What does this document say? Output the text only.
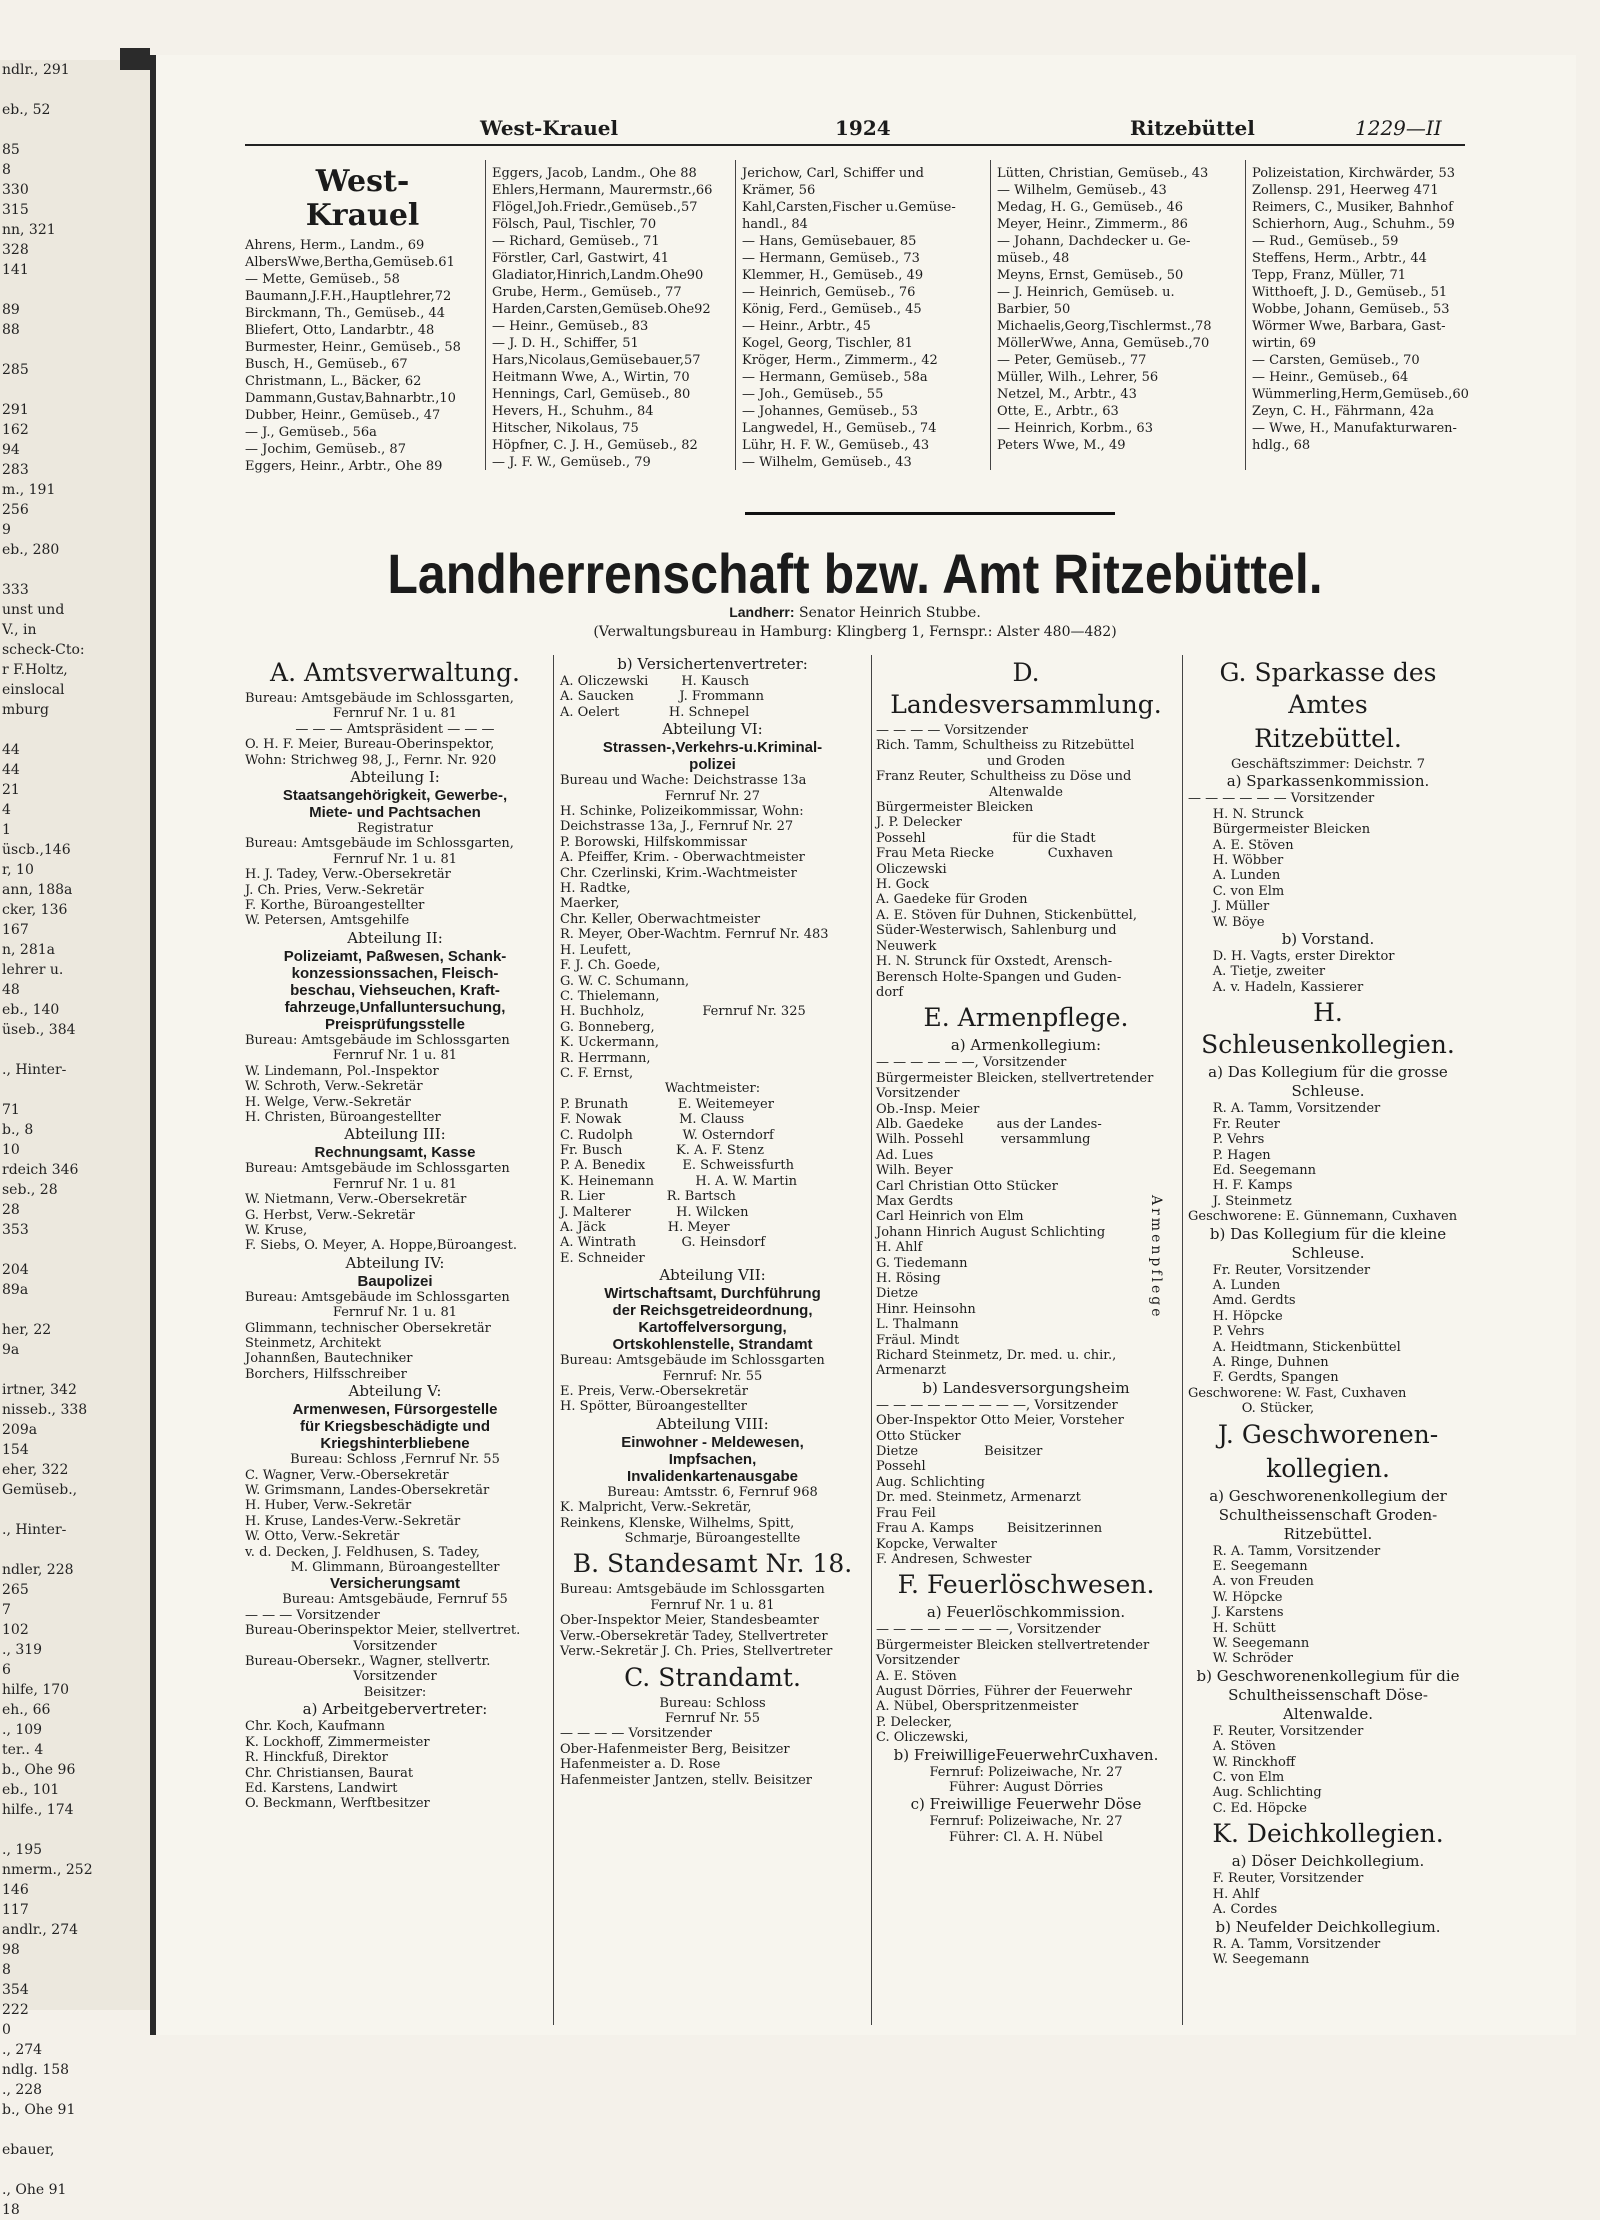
ndlr., 291

eb., 52

85
8
330
315
nn, 321
328
141

89
88

285

291
162
94
283
m., 191
256
9
eb., 280

333
unst und
V., in
scheck-Cto:
r F.Holtz,
einslocal
mburg

44
44
21
4
1
üscb.,146
r, 10
ann, 188a
cker, 136
167
n, 281a
lehrer u.
48
eb., 140
üseb., 384

., Hinter-

71
b., 8
10
rdeich 346
seb., 28
28
353

204
89a

her, 22
9a

irtner, 342
nisseb., 338
209a
154
eher, 322
Gemüseb.,

., Hinter-

ndler, 228
265
7
102
., 319
6
hilfe, 170
eh., 66
., 109
ter.. 4
b., Ohe 96
eb., 101
hilfe., 174

., 195
nmerm., 252
146
117
andlr., 274
98
8
354
222
0
., 274
ndlg. 158
., 228
b., Ohe 91

ebauer,

., Ohe 91
18
West-Krauel	1924	Ritzebüttel	1229—II
West-
Krauel
Ahrens, Herm., Landm., 69
AlbersWwe,Bertha,Gemüseb.61
— Mette, Gemüseb., 58
Baumann,J.F.H.,Hauptlehrer,72
Birckmann, Th., Gemüseb., 44
Bliefert, Otto, Landarbtr., 48
Burmester, Heinr., Gemüseb., 58
Busch, H., Gemüseb., 67
Christmann, L., Bäcker, 62
Dammann,Gustav,Bahnarbtr.,10
Dubber, Heinr., Gemüseb., 47
— J., Gemüseb., 56a
— Jochim, Gemüseb., 87
Eggers, Heinr., Arbtr., Ohe 89
Eggers, Jacob, Landm., Ohe 88
Ehlers,Hermann, Maurermstr.,66
Flögel,Joh.Friedr.,Gemüseb.,57
Fölsch, Paul, Tischler, 70
— Richard, Gemüseb., 71
Förstler, Carl, Gastwirt, 41
Gladiator,Hinrich,Landm.Ohe90
Grube, Herm., Gemüseb., 77
Harden,Carsten,Gemüseb.Ohe92
— Heinr., Gemüseb., 83
— J. D. H., Schiffer, 51
Hars,Nicolaus,Gemüsebauer,57
Heitmann Wwe, A., Wirtin, 70
Hennings, Carl, Gemüseb., 80
Hevers, H., Schuhm., 84
Hitscher, Nikolaus, 75
Höpfner, C. J. H., Gemüseb., 82
— J. F. W., Gemüseb., 79
Jerichow, Carl, Schiffer und
Krämer, 56
Kahl,Carsten,Fischer u.Gemüse-
handl., 84
— Hans, Gemüsebauer, 85
— Hermann, Gemüseb., 73
Klemmer, H., Gemüseb., 49
— Heinrich, Gemüseb., 76
König, Ferd., Gemüseb., 45
— Heinr., Arbtr., 45
Kogel, Georg, Tischler, 81
Kröger, Herm., Zimmerm., 42
— Hermann, Gemüseb., 58a
— Joh., Gemüseb., 55
— Johannes, Gemüseb., 53
Langwedel, H., Gemüseb., 74
Lühr, H. F. W., Gemüseb., 43
— Wilhelm, Gemüseb., 43
Lütten, Christian, Gemüseb., 43
— Wilhelm, Gemüseb., 43
Medag, H. G., Gemüseb., 46
Meyer, Heinr., Zimmerm., 86
— Johann, Dachdecker u. Ge-
müseb., 48
Meyns, Ernst, Gemüseb., 50
— J. Heinrich, Gemüseb. u.
Barbier, 50
Michaelis,Georg,Tischlermst.,78
MöllerWwe, Anna, Gemüseb.,70
— Peter, Gemüseb., 77
Müller, Wilh., Lehrer, 56
Netzel, M., Arbtr., 43
Otte, E., Arbtr., 63
— Heinrich, Korbm., 63
Peters Wwe, M., 49
Polizeistation, Kirchwärder, 53
Zollensp. 291, Heerweg 471
Reimers, C., Musiker, Bahnhof
Schierhorn, Aug., Schuhm., 59
— Rud., Gemüseb., 59
Steffens, Herm., Arbtr., 44
Tepp, Franz, Müller, 71
Witthoeft, J. D., Gemüseb., 51
Wobbe, Johann, Gemüseb., 53
Wörmer Wwe, Barbara, Gast-
wirtin, 69
— Carsten, Gemüseb., 70
— Heinr., Gemüseb., 64
Wümmerling,Herm,Gemüseb.,60
Zeyn, C. H., Fährmann, 42a
— Wwe, H., Manufakturwaren-
hdlg., 68
Landherrenschaft bzw. Amt Ritzebüttel.
Landherr: Senator Heinrich Stubbe.
(Verwaltungsbureau in Hamburg: Klingberg 1, Fernspr.: Alster 480—482)
A. Amtsverwaltung.
Bureau: Amtsgebäude im Schlossgarten,
Fernruf Nr. 1 u. 81
— — — Amtspräsident — — —
O. H. F. Meier, Bureau-Oberinspektor,
Wohn: Strichweg 98, J., Fernr. Nr. 920
Abteilung I:
Staatsangehörigkeit, Gewerbe-,
Miete- und Pachtsachen
Registratur
Bureau: Amtsgebäude im Schlossgarten,
Fernruf Nr. 1 u. 81
H. J. Tadey, Verw.-Obersekretär
J. Ch. Pries, Verw.-Sekretär
F. Korthe, Büroangestellter
W. Petersen, Amtsgehilfe
Abteilung II:
Polizeiamt, Paßwesen, Schank-
konzessionssachen, Fleisch-
beschau, Viehseuchen, Kraft-
fahrzeuge,Unfalluntersuchung,
Preisprüfungsstelle
Bureau: Amtsgebäude im Schlossgarten
Fernruf Nr. 1 u. 81
W. Lindemann, Pol.-Inspektor
W. Schroth, Verw.-Sekretär
H. Welge, Verw.-Sekretär
H. Christen, Büroangestellter
Abteilung III:
Rechnungsamt, Kasse
Bureau: Amtsgebäude im Schlossgarten
Fernruf Nr. 1 u. 81
W. Nietmann, Verw.-Obersekretär
G. Herbst, Verw.-Sekretär
W. Kruse,
F. Siebs, O. Meyer, A. Hoppe,Büroangest.
Abteilung IV:
Baupolizei
Bureau: Amtsgebäude im Schlossgarten
Fernruf Nr. 1 u. 81
Glimmann, technischer Obersekretär
Steinmetz, Architekt
Johannßen, Bautechniker
Borchers, Hilfsschreiber
Abteilung V:
Armenwesen, Fürsorgestelle
für Kriegsbeschädigte und
Kriegshinterbliebene
Bureau: Schloss ,Fernruf Nr. 55
C. Wagner, Verw.-Obersekretär
W. Grimsmann, Landes-Obersekretär
H. Huber, Verw.-Sekretär
H. Kruse, Landes-Verw.-Sekretär
W. Otto, Verw.-Sekretär
v. d. Decken, J. Feldhusen, S. Tadey,
M. Glimmann, Büroangestellter
Versicherungsamt
Bureau: Amtsgebäude, Fernruf 55
— — — Vorsitzender
Bureau-Oberinspektor Meier, stellvertret.
Vorsitzender
Bureau-Obersekr., Wagner, stellvertr.
Vorsitzender
Beisitzer:
a) Arbeitgebervertreter:
Chr. Koch, Kaufmann
K. Lockhoff, Zimmermeister
R. Hinckfuß, Direktor
Chr. Christiansen, Baurat
Ed. Karstens, Landwirt
O. Beckmann, Werftbesitzer
b) Versichertenvertreter:
A. Oliczewski        H. Kausch
A. Saucken           J. Frommann
A. Oelert            H. Schnepel
Abteilung VI:
Strassen-,Verkehrs-u.Kriminal-
polizei
Bureau und Wache: Deichstrasse 13a
Fernruf Nr. 27
H. Schinke, Polizeikommissar, Wohn:
Deichstrasse 13a, J., Fernruf Nr. 27
P. Borowski, Hilfskommissar
A. Pfeiffer, Krim. - Oberwachtmeister
Chr. Czerlinski, Krim.-Wachtmeister
H. Radtke,
Maerker,
Chr. Keller, Oberwachtmeister
R. Meyer, Ober-Wachtm. Fernruf Nr. 483
H. Leufett,
F. J. Ch. Goede,
G. W. C. Schumann,
C. Thielemann,
H. Buchholz,              Fernruf Nr. 325
G. Bonneberg,
K. Uckermann,
R. Herrmann,
C. F. Ernst,
Wachtmeister:
P. Brunath            E. Weitemeyer
F. Nowak              M. Clauss
C. Rudolph            W. Osterndorf
Fr. Busch             K. A. F. Stenz
P. A. Benedix         E. Schweissfurth
K. Heinemann          H. A. W. Martin
R. Lier               R. Bartsch
J. Malterer           H. Wilcken
A. Jäck               H. Meyer
A. Wintrath           G. Heinsdorf
E. Schneider
Abteilung VII:
Wirtschaftsamt, Durchführung
der Reichsgetreideordnung,
Kartoffelversorgung,
Ortskohlenstelle, Strandamt
Bureau: Amtsgebäude im Schlossgarten
Fernruf: Nr. 55
E. Preis, Verw.-Obersekretär
H. Spötter, Büroangestellter
Abteilung VIII:
Einwohner - Meldewesen,
Impfsachen,
Invalidenkartenausgabe
Bureau: Amtsstr. 6, Fernruf 968
K. Malpricht, Verw.-Sekretär,
Reinkens, Klenske, Wilhelms, Spitt,
Schmarje, Büroangestellte
B. Standesamt Nr. 18.
Bureau: Amtsgebäude im Schlossgarten
Fernruf Nr. 1 u. 81
Ober-Inspektor Meier, Standesbeamter
Verw.-Obersekretär Tadey, Stellvertreter
Verw.-Sekretär J. Ch. Pries, Stellvertreter
C. Strandamt.
Bureau: Schloss
Fernruf Nr. 55
— — — — Vorsitzender
Ober-Hafenmeister Berg, Beisitzer
Hafenmeister a. D. Rose
Hafenmeister Jantzen, stellv. Beisitzer
D. Landesversammlung.
— — — — Vorsitzender
Rich. Tamm, Schultheiss zu Ritzebüttel
und Groden
Franz Reuter, Schultheiss zu Döse und
Altenwalde
Bürgermeister Bleicken
J. P. Delecker
Possehl                     für die Stadt
Frau Meta Riecke             Cuxhaven
Oliczewski
H. Gock
A. Gaedeke für Groden
A. E. Stöven für Duhnen, Stickenbüttel,
Süder-Westerwisch, Sahlenburg und
Neuwerk
H. N. Strunck für Oxstedt, Arensch-
Berensch Holte-Spangen und Guden-
dorf
E. Armenpflege.
a) Armenkollegium:
— — — — — —, Vorsitzender
Bürgermeister Bleicken, stellvertretender
Vorsitzender
Ob.-Insp. Meier
Alb. Gaedeke        aus der Landes-
Wilh. Possehl         versammlung
Ad. Lues
Wilh. Beyer
Carl Christian Otto Stücker
Max Gerdts
Carl Heinrich von Elm
Johann Hinrich August Schlichting
H. Ahlf
G. Tiedemann
H. Rösing
Dietze
Hinr. Heinsohn
L. Thalmann
Fräul. Mindt
Richard Steinmetz, Dr. med. u. chir.,
Armenarzt
b) Landesversorgungsheim
— — — — — — — — —, Vorsitzender
Ober-Inspektor Otto Meier, Vorsteher
Otto Stücker
Dietze                Beisitzer
Possehl
Aug. Schlichting
Dr. med. Steinmetz, Armenarzt
Frau Feil
Frau A. Kamps        Beisitzerinnen
Kopcke, Verwalter
F. Andresen, Schwester
F. Feuerlöschwesen.
a) Feuerlöschkommission.
— — — — — — — —, Vorsitzender
Bürgermeister Bleicken stellvertretender
Vorsitzender
A. E. Stöven
August Dörries, Führer der Feuerwehr
A. Nübel, Oberspritzenmeister
P. Delecker,
C. Oliczewski,
b) FreiwilligeFeuerwehrCuxhaven.
Fernruf: Polizeiwache, Nr. 27
Führer: August Dörries
c) Freiwillige Feuerwehr Döse
Fernruf: Polizeiwache, Nr. 27
Führer: Cl. A. H. Nübel
Armenpflege
G. Sparkasse des Amtes
Ritzebüttel.
Geschäftszimmer: Deichstr. 7
a) Sparkassenkommission.
— — — — — — Vorsitzender
H. N. Strunck
Bürgermeister Bleicken
A. E. Stöven
H. Wöbber
A. Lunden
C. von Elm
J. Müller
W. Böye
b) Vorstand.
D. H. Vagts, erster Direktor
A. Tietje, zweiter
A. v. Hadeln, Kassierer
H. Schleusenkollegien.
a) Das Kollegium für die grosse
Schleuse.
R. A. Tamm, Vorsitzender
Fr. Reuter
P. Vehrs
P. Hagen
Ed. Seegemann
H. F. Kamps
J. Steinmetz
Geschworene: E. Günnemann, Cuxhaven
b) Das Kollegium für die kleine
Schleuse.
Fr. Reuter, Vorsitzender
A. Lunden
Amd. Gerdts
H. Höpcke
P. Vehrs
A. Heidtmann, Stickenbüttel
A. Ringe, Duhnen
F. Gerdts, Spangen
Geschworene: W. Fast, Cuxhaven
O. Stücker,
J. Geschworenen-
kollegien.
a) Geschworenenkollegium der
Schultheissenschaft Groden-
Ritzebüttel.
R. A. Tamm, Vorsitzender
E. Seegemann
A. von Freuden
W. Höpcke
J. Karstens
H. Schütt
W. Seegemann
W. Schröder
b) Geschworenenkollegium für die
Schultheissenschaft Döse-
Altenwalde.
F. Reuter, Vorsitzender
A. Stöven
W. Rinckhoff
C. von Elm
Aug. Schlichting
C. Ed. Höpcke
K. Deichkollegien.
a) Döser Deichkollegium.
F. Reuter, Vorsitzender
H. Ahlf
A. Cordes
b) Neufelder Deichkollegium.
R. A. Tamm, Vorsitzender
W. Seegemann
